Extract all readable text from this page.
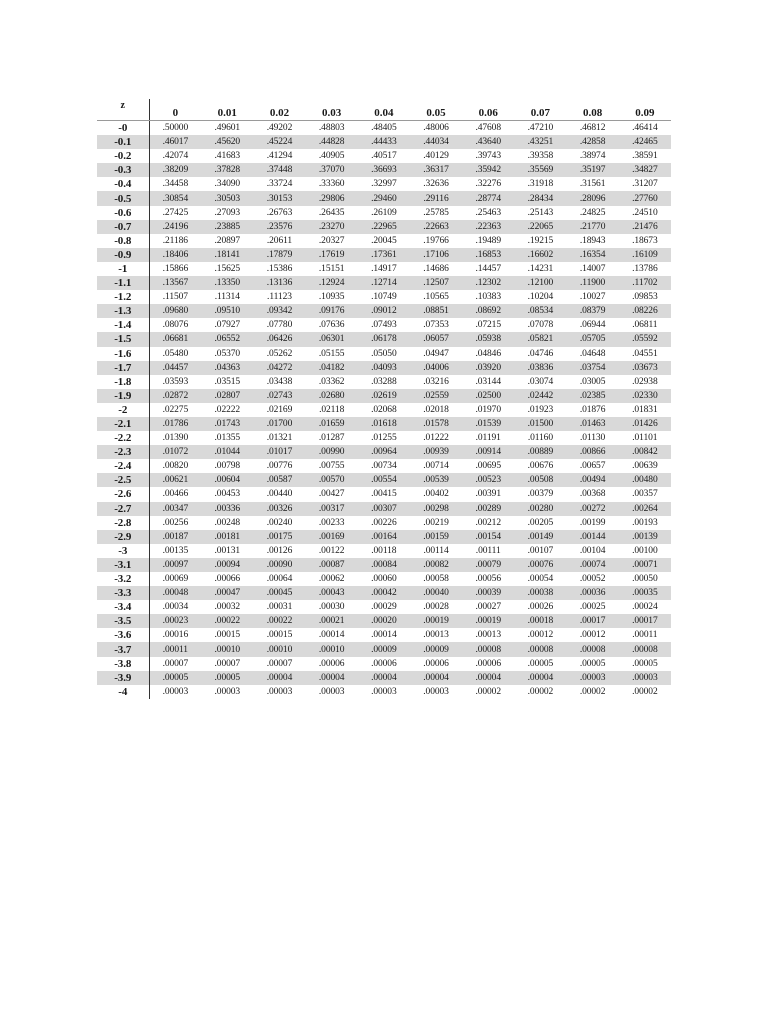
z	0	0.01	0.02	0.03	0.04	0.05	0.06	0.07	0.08	0.09
-0	.50000	.49601	.49202	.48803	.48405	.48006	.47608	.47210	.46812	.46414
-0.1	.46017	.45620	.45224	.44828	.44433	.44034	.43640	.43251	.42858	.42465
-0.2	.42074	.41683	.41294	.40905	.40517	.40129	.39743	.39358	.38974	.38591
-0.3	.38209	.37828	.37448	.37070	.36693	.36317	.35942	.35569	.35197	.34827
-0.4	.34458	.34090	.33724	.33360	.32997	.32636	.32276	.31918	.31561	.31207
-0.5	.30854	.30503	.30153	.29806	.29460	.29116	.28774	.28434	.28096	.27760
-0.6	.27425	.27093	.26763	.26435	.26109	.25785	.25463	.25143	.24825	.24510
-0.7	.24196	.23885	.23576	.23270	.22965	.22663	.22363	.22065	.21770	.21476
-0.8	.21186	.20897	.20611	.20327	.20045	.19766	.19489	.19215	.18943	.18673
-0.9	.18406	.18141	.17879	.17619	.17361	.17106	.16853	.16602	.16354	.16109
-1	.15866	.15625	.15386	.15151	.14917	.14686	.14457	.14231	.14007	.13786
-1.1	.13567	.13350	.13136	.12924	.12714	.12507	.12302	.12100	.11900	.11702
-1.2	.11507	.11314	.11123	.10935	.10749	.10565	.10383	.10204	.10027	.09853
-1.3	.09680	.09510	.09342	.09176	.09012	.08851	.08692	.08534	.08379	.08226
-1.4	.08076	.07927	.07780	.07636	.07493	.07353	.07215	.07078	.06944	.06811
-1.5	.06681	.06552	.06426	.06301	.06178	.06057	.05938	.05821	.05705	.05592
-1.6	.05480	.05370	.05262	.05155	.05050	.04947	.04846	.04746	.04648	.04551
-1.7	.04457	.04363	.04272	.04182	.04093	.04006	.03920	.03836	.03754	.03673
-1.8	.03593	.03515	.03438	.03362	.03288	.03216	.03144	.03074	.03005	.02938
-1.9	.02872	.02807	.02743	.02680	.02619	.02559	.02500	.02442	.02385	.02330
-2	.02275	.02222	.02169	.02118	.02068	.02018	.01970	.01923	.01876	.01831
-2.1	.01786	.01743	.01700	.01659	.01618	.01578	.01539	.01500	.01463	.01426
-2.2	.01390	.01355	.01321	.01287	.01255	.01222	.01191	.01160	.01130	.01101
-2.3	.01072	.01044	.01017	.00990	.00964	.00939	.00914	.00889	.00866	.00842
-2.4	.00820	.00798	.00776	.00755	.00734	.00714	.00695	.00676	.00657	.00639
-2.5	.00621	.00604	.00587	.00570	.00554	.00539	.00523	.00508	.00494	.00480
-2.6	.00466	.00453	.00440	.00427	.00415	.00402	.00391	.00379	.00368	.00357
-2.7	.00347	.00336	.00326	.00317	.00307	.00298	.00289	.00280	.00272	.00264
-2.8	.00256	.00248	.00240	.00233	.00226	.00219	.00212	.00205	.00199	.00193
-2.9	.00187	.00181	.00175	.00169	.00164	.00159	.00154	.00149	.00144	.00139
-3	.00135	.00131	.00126	.00122	.00118	.00114	.00111	.00107	.00104	.00100
-3.1	.00097	.00094	.00090	.00087	.00084	.00082	.00079	.00076	.00074	.00071
-3.2	.00069	.00066	.00064	.00062	.00060	.00058	.00056	.00054	.00052	.00050
-3.3	.00048	.00047	.00045	.00043	.00042	.00040	.00039	.00038	.00036	.00035
-3.4	.00034	.00032	.00031	.00030	.00029	.00028	.00027	.00026	.00025	.00024
-3.5	.00023	.00022	.00022	.00021	.00020	.00019	.00019	.00018	.00017	.00017
-3.6	.00016	.00015	.00015	.00014	.00014	.00013	.00013	.00012	.00012	.00011
-3.7	.00011	.00010	.00010	.00010	.00009	.00009	.00008	.00008	.00008	.00008
-3.8	.00007	.00007	.00007	.00006	.00006	.00006	.00006	.00005	.00005	.00005
-3.9	.00005	.00005	.00004	.00004	.00004	.00004	.00004	.00004	.00003	.00003
-4	.00003	.00003	.00003	.00003	.00003	.00003	.00002	.00002	.00002	.00002
